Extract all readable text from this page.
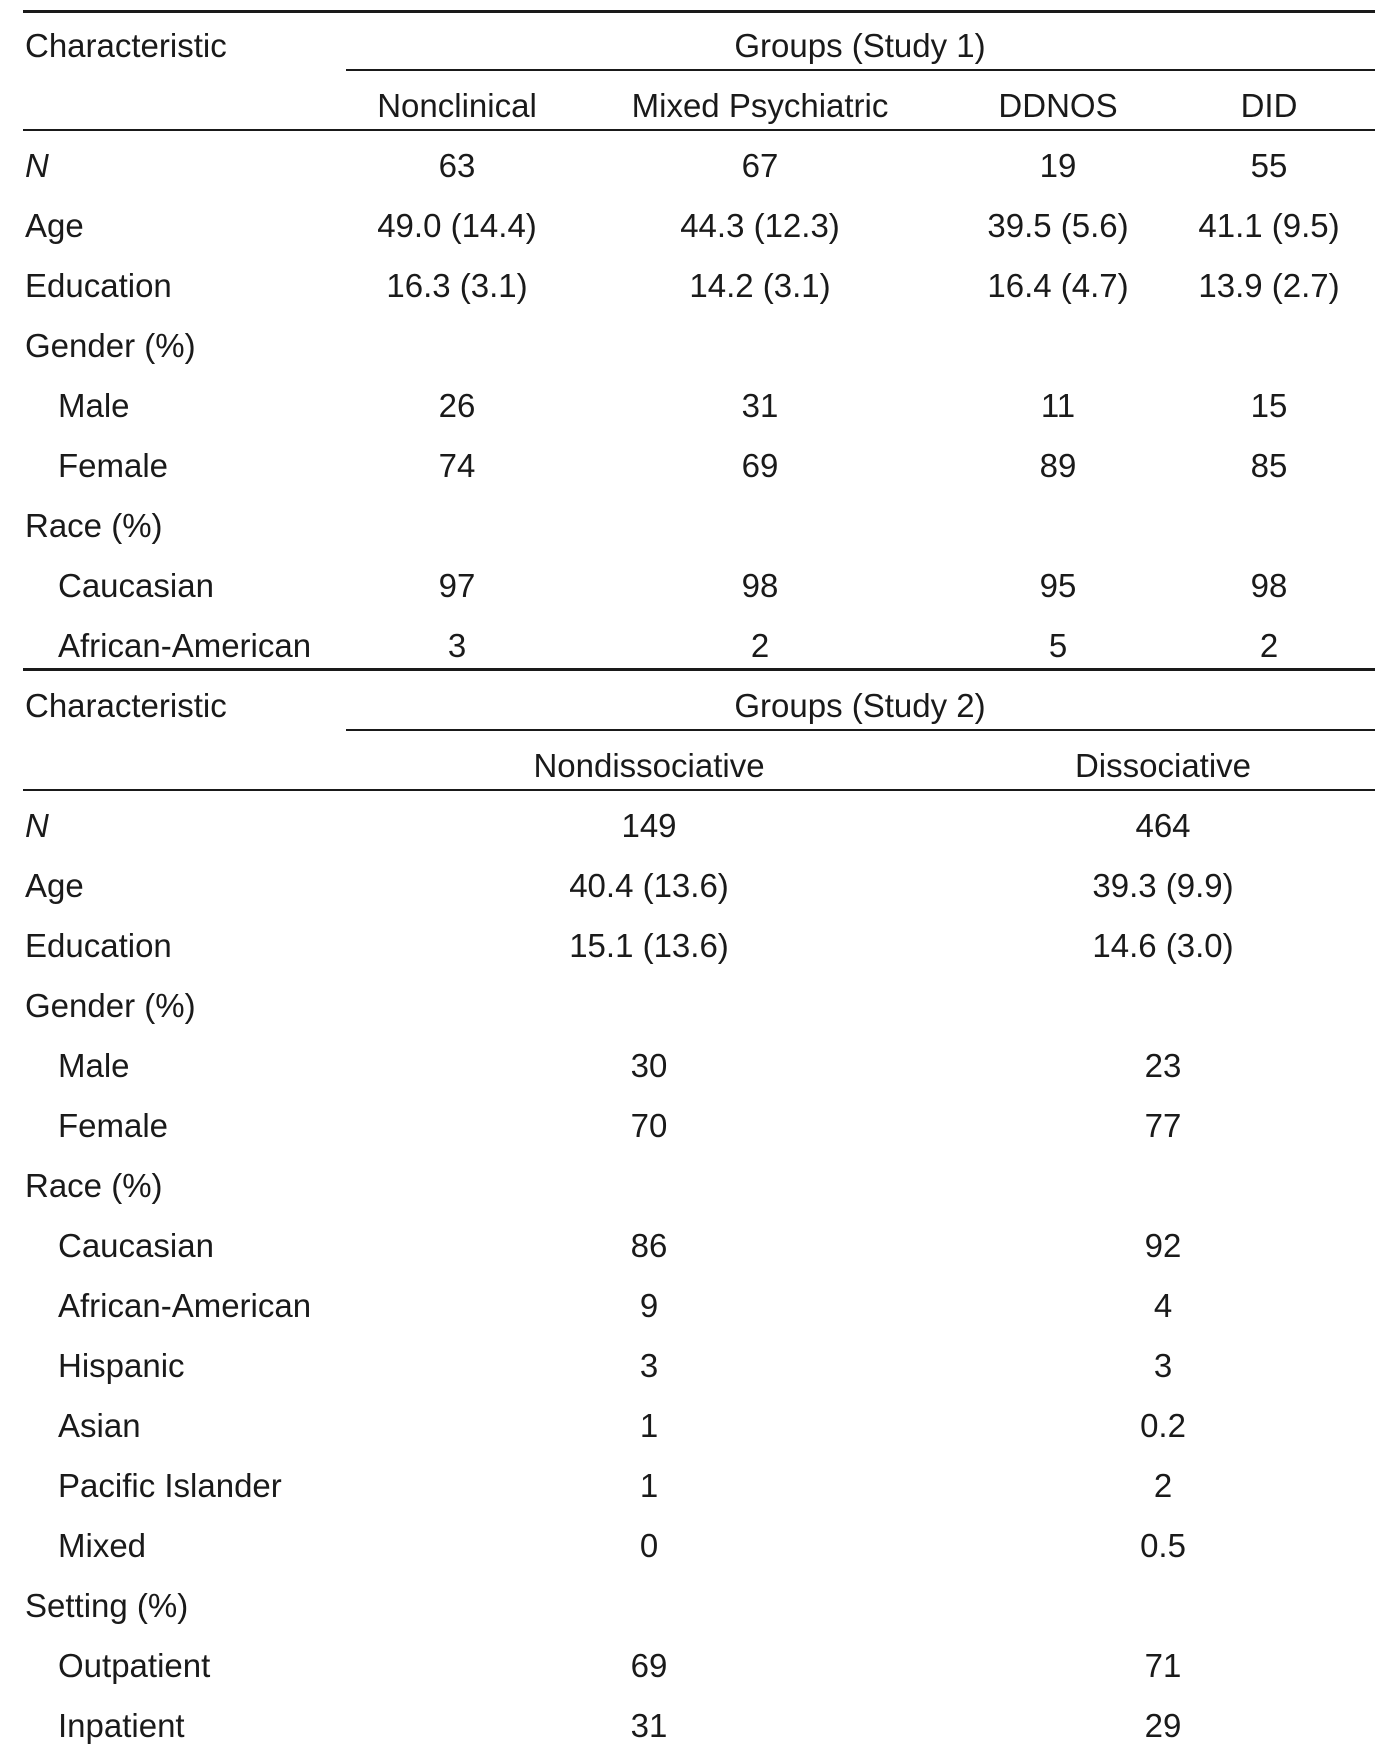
Characteristic	Groups (Study 1)
Nonclinical	Mixed Psychiatric	DDNOS	DID
N	63	67	19	55
Age	49.0 (14.4)	44.3 (12.3)	39.5 (5.6) 41.1 (9.5)
Education	16.3 (3.1)	14.2 (3.1)	16.4 (4.7) 13.9 (2.7)
Gender (%)
Male	26	31	11	15
Female	74	69	89	85
Race (%)
Caucasian	97	98	95	98
African-American	3	2	5	2
Characteristic	Groups (Study 2)
Nondissociative	Dissociative
N	149	464
Age	40.4 (13.6)	39.3 (9.9)
Education	15.1 (13.6)	14.6 (3.0)
Gender (%)
Male	30	23
Female	70	77
Race (%)
Caucasian	86	92
African-American	9	4
Hispanic	3	3
Asian	1	0.2
Pacific Islander	1	2
Mixed	0	0.5
Setting (%)
Outpatient	69	71
Inpatient	31	29
